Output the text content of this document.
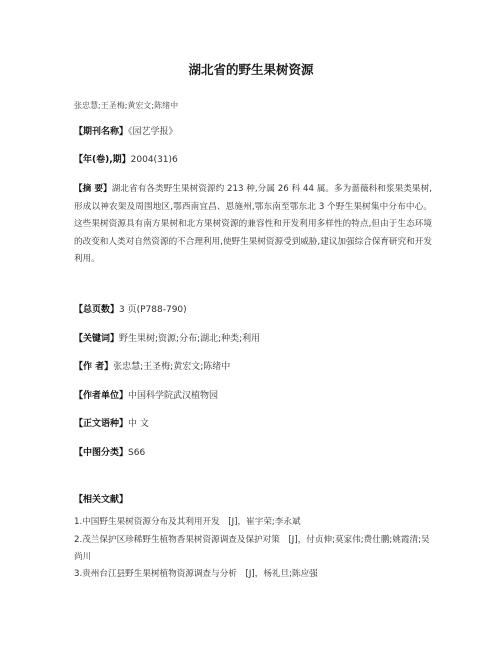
湖北省的野生果树资源
张忠慧;王圣梅;黄宏文;陈绪中
【期刊名称】《园艺学报》
【年(卷),期】2004(31)6
【摘 要】湖北省有各类野生果树资源约 213 种,分属 26 科 44 属。多为蔷薇科和浆果类果树,形成以神农架及周围地区,鄂西南宜昌、恩施州,鄂东南至鄂东北 3 个野生果树集中分布中心。这些果树资源具有南方果树和北方果树资源的兼容性和开发利用多样性的特点,但由于生态环境的改变和人类对自然资源的不合理利用,使野生果树资源受到威胁,建议加强综合保育研究和开发利用。
【总页数】3 页(P788-790)
【关键词】野生果树;资源;分布;湖北;种类;利用
【作 者】张忠慧;王圣梅;黄宏文;陈绪中
【作者单位】中国科学院武汉植物园
【正文语种】中 文
【中图分类】S66
【相关文献】
1.中国野生果树资源分布及其利用开发　[J]，崔宇荣;李永斌
2.茂兰保护区珍稀野生植物香果树资源调查及保护对策　[J]，付贞伸;莫家伟;费仕鹏;姚霞清;吴尚川
3.贵州台江县野生果树植物资源调查与分析　[J]，杨礼旦;陈应强
